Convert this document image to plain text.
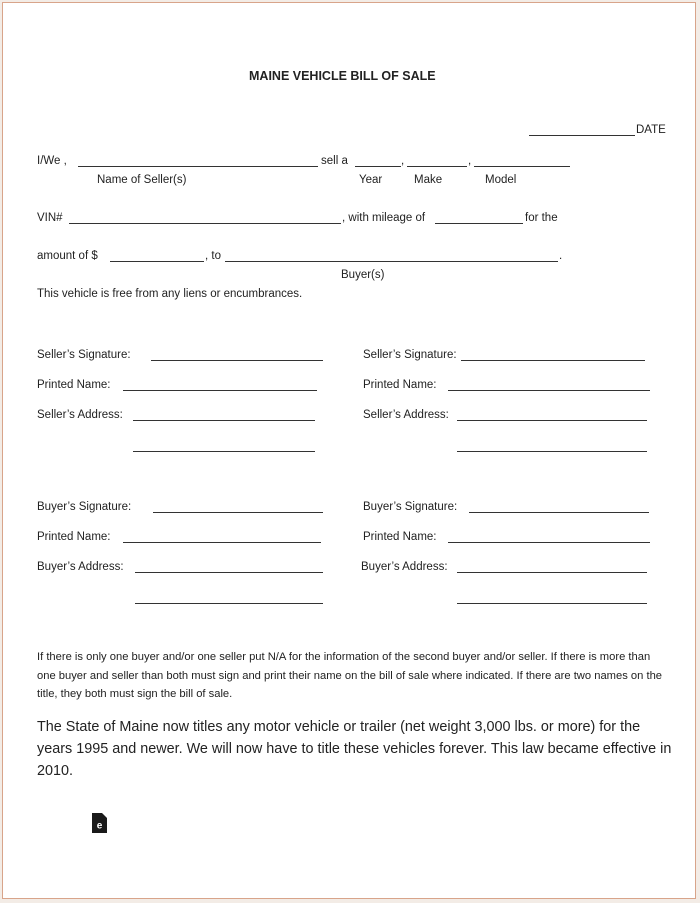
MAINE VEHICLE BILL OF SALE
DATE
I/We ,	sell a	,	,
Name of Seller(s)	Year	Make	Model
VIN#	, with mileage of	for the
amount of $	, to	.
Buyer(s)
This vehicle is free from any liens or encumbrances.
Seller’s Signature:
Printed Name:
Seller’s Address:
Seller’s Signature:
Printed Name:
Seller’s Address:
Buyer’s Signature:
Printed Name:
Buyer’s Address:
Buyer’s Signature:
Printed Name:
Buyer’s Address:
If there is only one buyer and/or one seller put N/A for the information of the second buyer and/or seller. If there is more than one buyer and seller than both must sign and print their name on the bill of sale where indicated. If there are two names on the title, they both must sign the bill of sale.
The State of Maine now titles any motor vehicle or trailer (net weight 3,000 lbs. or more) for the years 1995 and newer. We will now have to title these vehicles forever. This law became effective in 2010.
e
